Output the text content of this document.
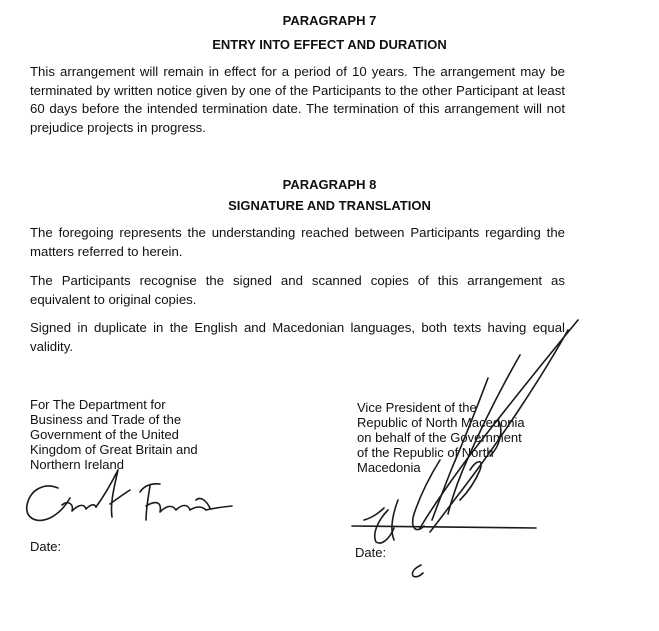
PARAGRAPH 7
ENTRY INTO EFFECT AND DURATION

This arrangement will remain in effect for a period of 10 years. The arrangement may be terminated by written notice given by one of the Participants to the other Participant at least 60 days before the intended termination date. The termination of this arrangement will not prejudice projects in progress.

PARAGRAPH 8
SIGNATURE AND TRANSLATION

The foregoing represents the understanding reached between Participants regarding the matters referred to herein.

The Participants recognise the signed and scanned copies of this arrangement as equivalent to original copies.

Signed in duplicate in the English and Macedonian languages, both texts having equal validity.

For The Department for
Business and Trade of the
Government of the United
Kingdom of Great Britain and
Northern Ireland
Vice President of the
Republic of North Macedonia
on behalf of the Government
of the Republic of North
Macedonia

Date:	Date:
